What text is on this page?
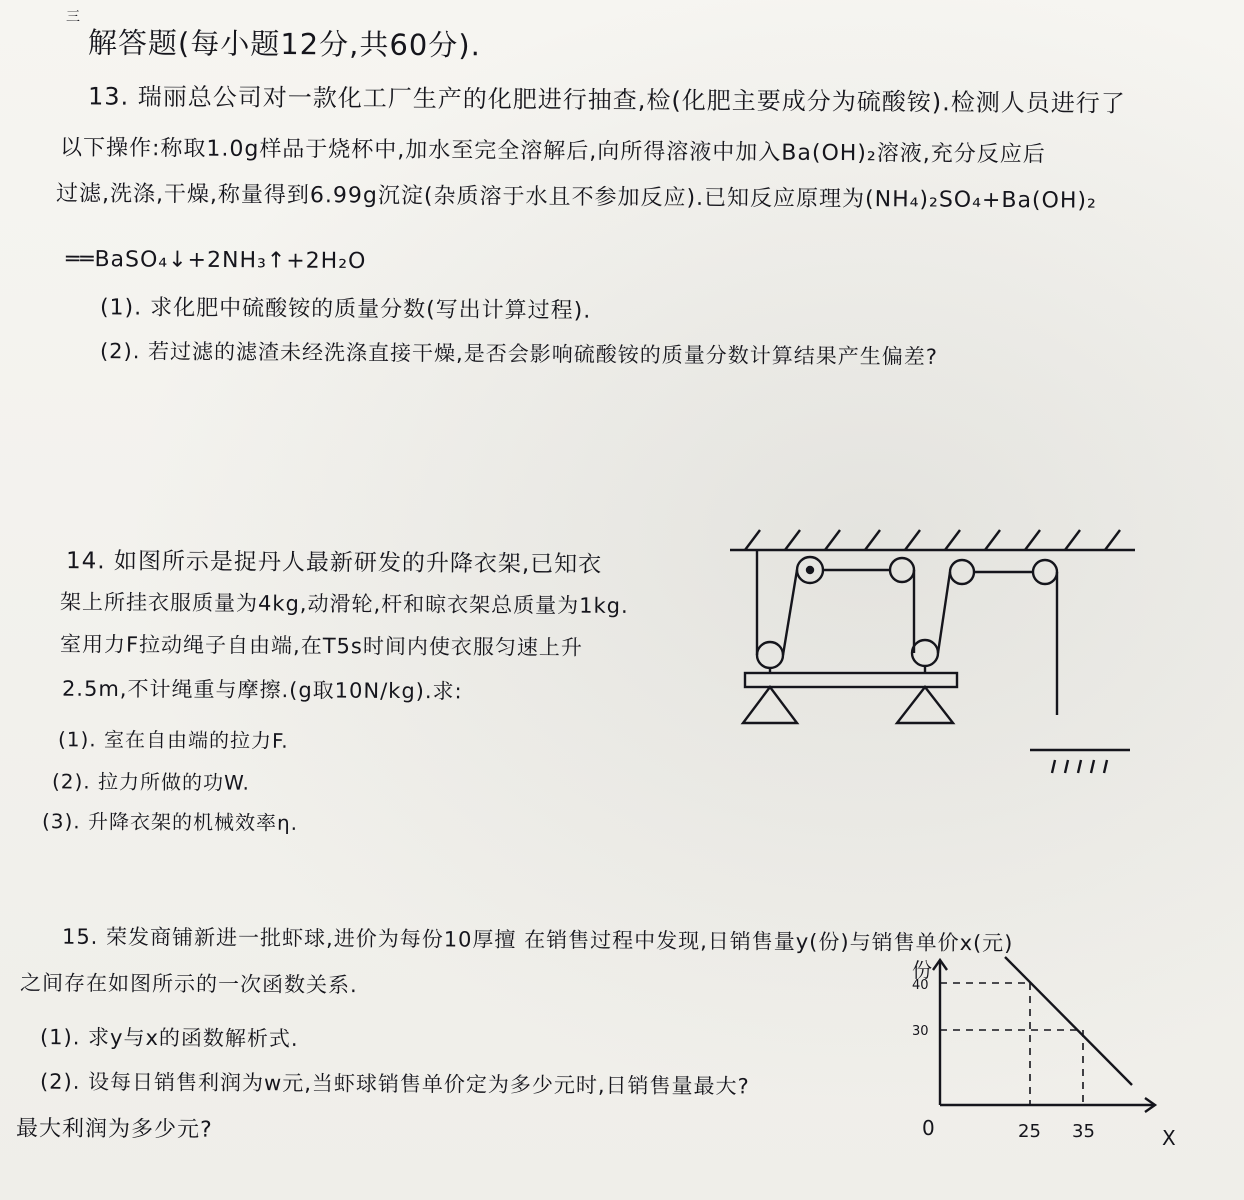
三
解答题(每小题12分,共60分).
13. 瑞丽总公司对一款化工厂生产的化肥进行抽查,检(化肥主要成分为硫酸铵).检测人员进行了
以下操作:称取1.0g样品于烧杯中,加水至完全溶解后,向所得溶液中加入Ba(OH)₂溶液,充分反应后
过滤,洗涤,干燥,称量得到6.99g沉淀(杂质溶于水且不参加反应).已知反应原理为(NH₄)₂SO₄+Ba(OH)₂
══BaSO₄↓+2NH₃↑+2H₂O
(1). 求化肥中硫酸铵的质量分数(写出计算过程).
(2). 若过滤的滤渣未经洗涤直接干燥,是否会影响硫酸铵的质量分数计算结果产生偏差?
14. 如图所示是捉丹人最新研发的升降衣架,已知衣
架上所挂衣服质量为4kg,动滑轮,杆和晾衣架总质量为1kg.
室用力F拉动绳子自由端,在T5s时间内使衣服匀速上升
2.5m,不计绳重与摩擦.(g取10N/kg).求:
(1). 室在自由端的拉力F.
(2). 拉力所做的功W.
(3). 升降衣架的机械效率η.
15. 荣发商铺新进一批虾球,进价为每份10厚擅 在销售过程中发现,日销售量y(份)与销售单价x(元)
之间存在如图所示的一次函数关系.
(1). 求y与x的函数解析式.
(2). 设每日销售利润为w元,当虾球销售单价定为多少元时,日销售量最大?
最大利润为多少元?
份
40
30
0	25 35	X
